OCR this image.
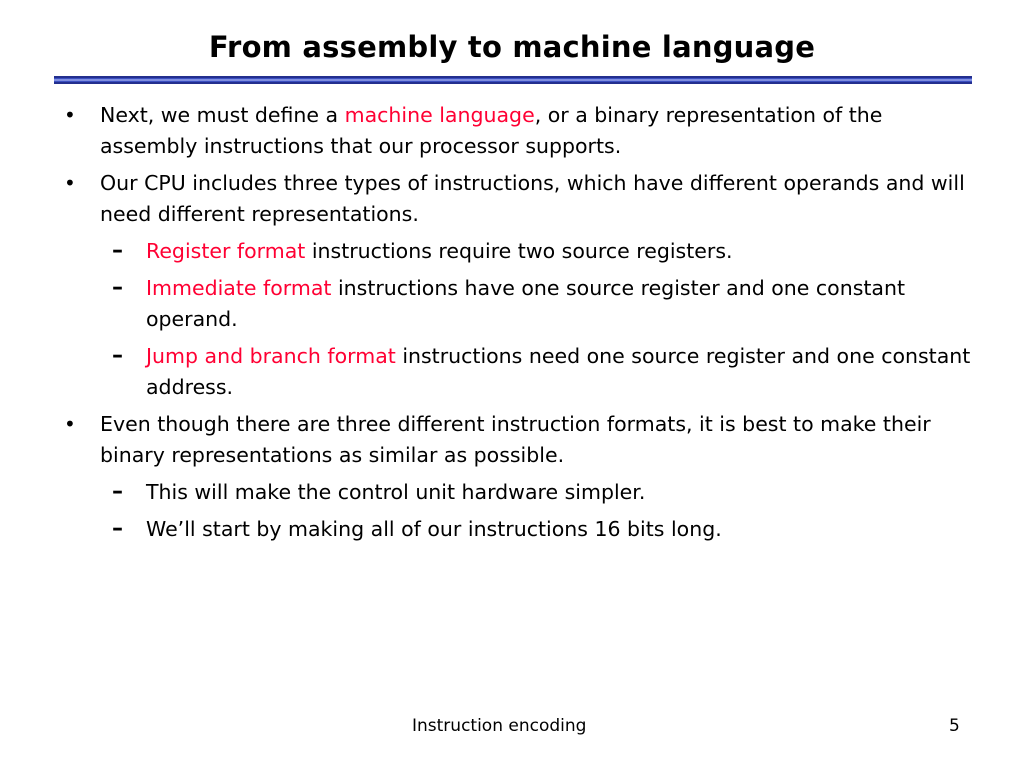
From assembly to machine language
• Next, we must define a machine language, or a binary representation of the assembly instructions that our processor supports.
• Our CPU includes three types of instructions, which have different operands and will need different representations.
– Register format instructions require two source registers.
– Immediate format instructions have one source register and one constant operand.
– Jump and branch format instructions need one source register and one constant address.
• Even though there are three different instruction formats, it is best to make their binary representations as similar as possible.
– This will make the control unit hardware simpler.
– We’ll start by making all of our instructions 16 bits long.
Instruction encoding	5
